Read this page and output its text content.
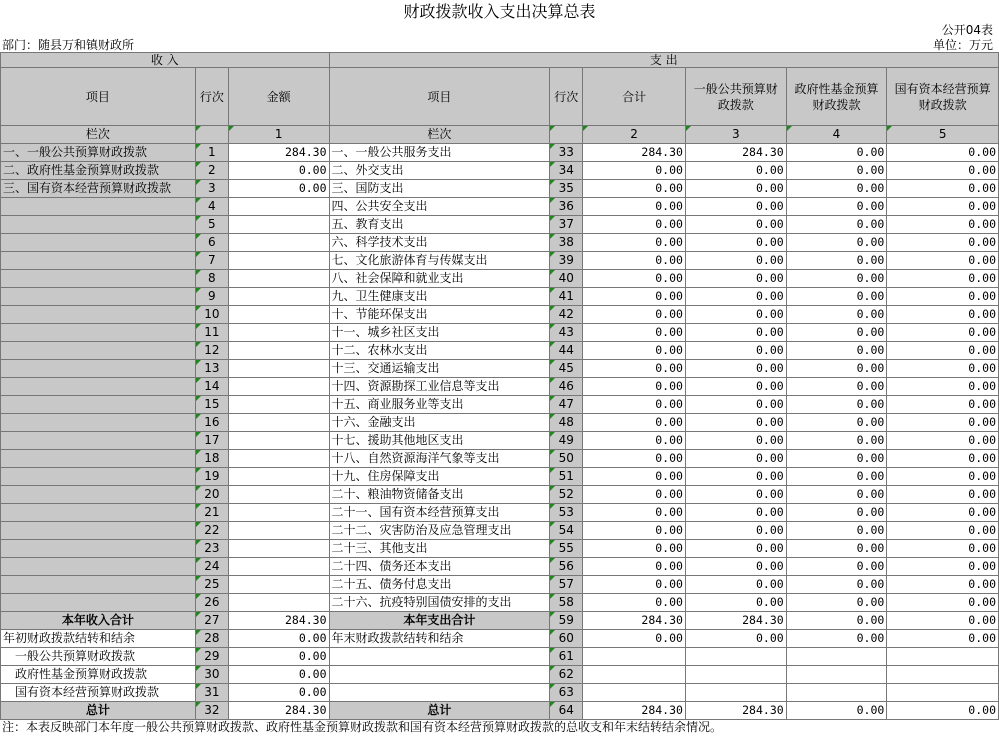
财政拨款收入支出决算总表
公开04表
部门：随县万和镇财政所	单位：万元
收 入			支 出					
项目	行次	金额	项目	行次	合计	一般公共预算财政拨款	政府性基金预算财政拨款	国有资本经营预算财政拨款
栏次		1	栏次		2	3	4	5
一、一般公共预算财政拨款	1	284.30	一、一般公共服务支出	33	284.30	284.30	0.00	0.00
二、政府性基金预算财政拨款	2	0.00	二、外交支出	34	0.00	0.00	0.00	0.00
三、国有资本经营预算财政拨款	3	0.00	三、国防支出	35	0.00	0.00	0.00	0.00
	4		四、公共安全支出	36	0.00	0.00	0.00	0.00
	5		五、教育支出	37	0.00	0.00	0.00	0.00
	6		六、科学技术支出	38	0.00	0.00	0.00	0.00
	7		七、文化旅游体育与传媒支出	39	0.00	0.00	0.00	0.00
	8		八、社会保障和就业支出	40	0.00	0.00	0.00	0.00
	9		九、卫生健康支出	41	0.00	0.00	0.00	0.00
	10		十、节能环保支出	42	0.00	0.00	0.00	0.00
	11		十一、城乡社区支出	43	0.00	0.00	0.00	0.00
	12		十二、农林水支出	44	0.00	0.00	0.00	0.00
	13		十三、交通运输支出	45	0.00	0.00	0.00	0.00
	14		十四、资源勘探工业信息等支出	46	0.00	0.00	0.00	0.00
	15		十五、商业服务业等支出	47	0.00	0.00	0.00	0.00
	16		十六、金融支出	48	0.00	0.00	0.00	0.00
	17		十七、援助其他地区支出	49	0.00	0.00	0.00	0.00
	18		十八、自然资源海洋气象等支出	50	0.00	0.00	0.00	0.00
	19		十九、住房保障支出	51	0.00	0.00	0.00	0.00
	20		二十、粮油物资储备支出	52	0.00	0.00	0.00	0.00
	21		二十一、国有资本经营预算支出	53	0.00	0.00	0.00	0.00
	22		二十二、灾害防治及应急管理支出	54	0.00	0.00	0.00	0.00
	23		二十三、其他支出	55	0.00	0.00	0.00	0.00
	24		二十四、债务还本支出	56	0.00	0.00	0.00	0.00
	25		二十五、债务付息支出	57	0.00	0.00	0.00	0.00
	26		二十六、抗疫特别国债安排的支出	58	0.00	0.00	0.00	0.00
本年收入合计	27	284.30	本年支出合计	59	284.30	284.30	0.00	0.00
年初财政拨款结转和结余	28	0.00	年末财政拨款结转和结余	60	0.00	0.00	0.00	0.00
一般公共预算财政拨款	29	0.00		61				
政府性基金预算财政拨款	30	0.00		62				
国有资本经营预算财政拨款	31	0.00		63				
总计	32	284.30	总计	64	284.30	284.30	0.00	0.00
注：本表反映部门本年度一般公共预算财政拨款、政府性基金预算财政拨款和国有资本经营预算财政拨款的总收支和年末结转结余情况。
